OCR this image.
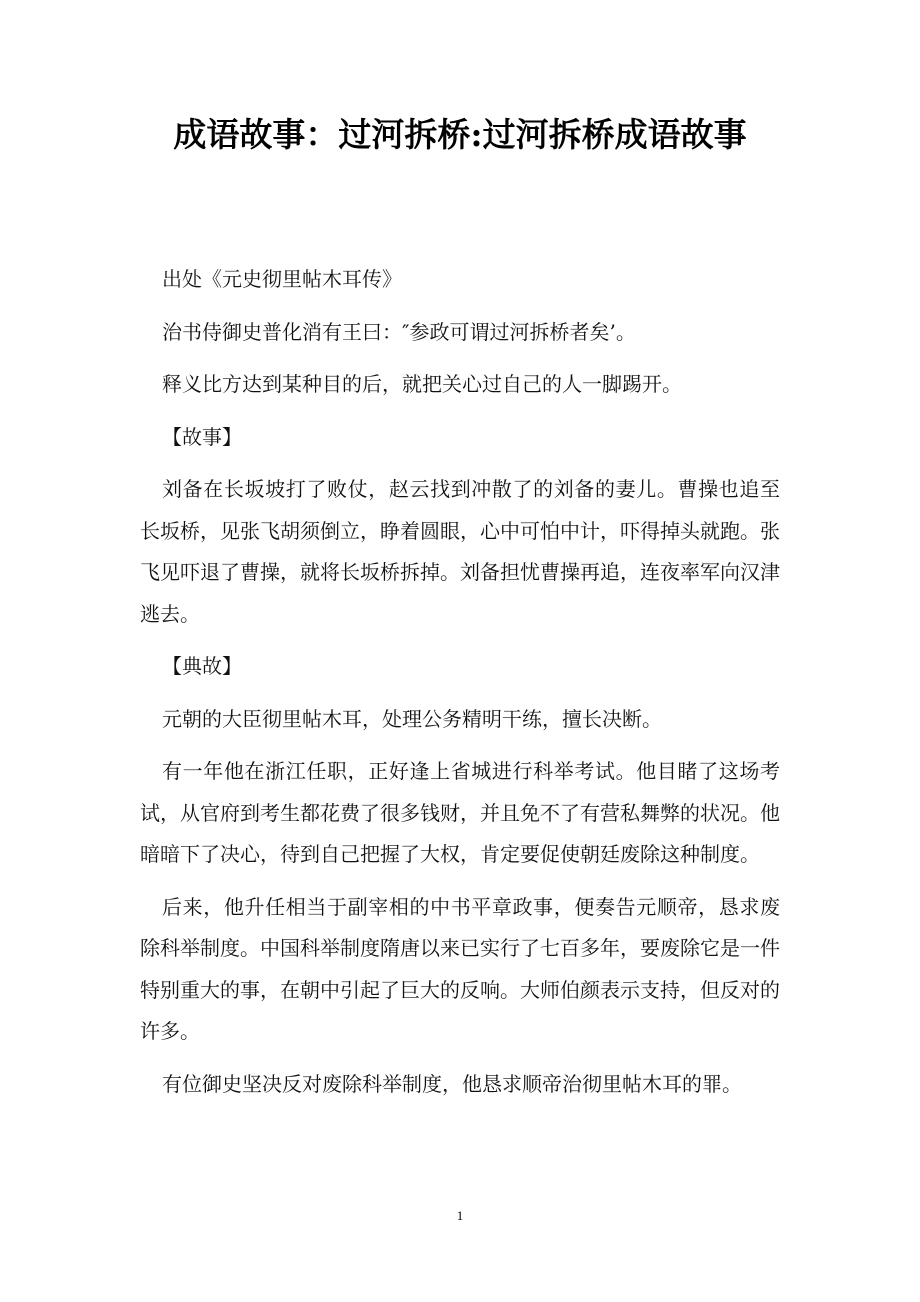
成语故事：过河拆桥:过河拆桥成语故事

出处《元史彻里帖木耳传》

治书侍御史普化消有王曰：″参政可谓过河拆桥者矣’。

释义比方达到某种目的后，就把关心过自己的人一脚踢开。

【故事】

刘备在长坂坡打了败仗，赵云找到冲散了的刘备的妻儿。曹操也追至长坂桥，见张飞胡须倒立，睁着圆眼，心中可怕中计，吓得掉头就跑。张飞见吓退了曹操，就将长坂桥拆掉。刘备担忧曹操再追，连夜率军向汉津逃去。

【典故】

元朝的大臣彻里帖木耳，处理公务精明干练，擅长决断。

有一年他在浙江任职，正好逢上省城进行科举考试。他目睹了这场考试，从官府到考生都花费了很多钱财，并且免不了有营私舞弊的状况。他暗暗下了决心，待到自己把握了大权，肯定要促使朝廷废除这种制度。

后来，他升任相当于副宰相的中书平章政事，便奏告元顺帝，恳求废除科举制度。中国科举制度隋唐以来已实行了七百多年，要废除它是一件特别重大的事，在朝中引起了巨大的反响。大师伯颜表示支持，但反对的许多。

有位御史坚决反对废除科举制度，他恳求顺帝治彻里帖木耳的罪。

1
